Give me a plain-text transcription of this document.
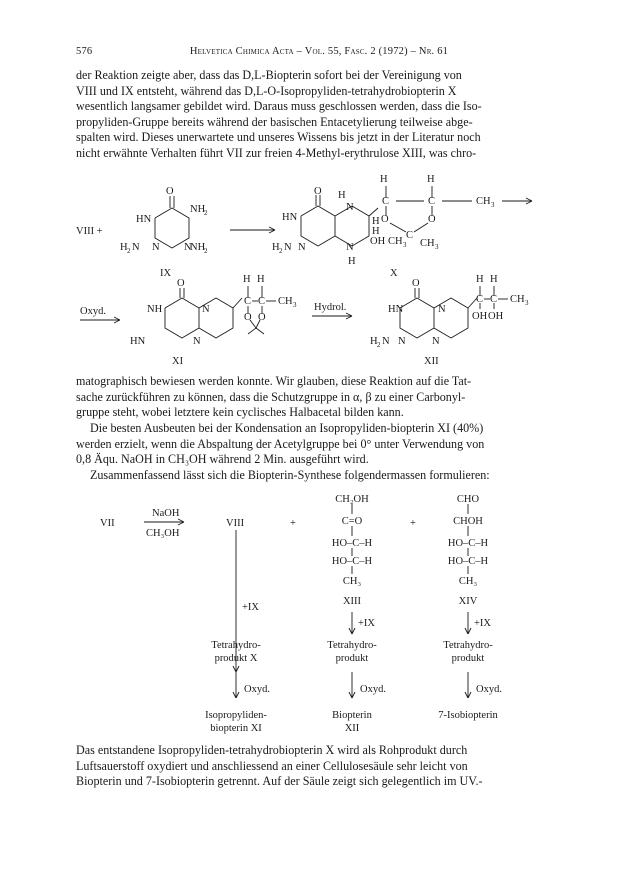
576	Helvetica Chimica Acta – Vol. 55, Fasc. 2 (1972) – Nr. 61

der Reaktion zeigte aber, dass das D,L-Biopterin sofort bei der Vereinigung von

VIII und IX entsteht, während das D,L-O-Isopropyliden-tetrahydrobiopterin X

wesentlich langsamer gebildet wird. Daraus muss geschlossen werden, dass die Iso-

propyliden-Gruppe bereits während der basischen Entacetylierung teilweise abge-

spalten wird. Dieses unerwartete und unseres Wissens bis jetzt in der Literatur noch

nicht erwähnte Verhalten führt VII zur freien 4-Methyl-erythrulose XIII, was chro-

VIII +
O
HN
NH
2
H 2 N N N
NH
2
IX
O H
N
HN
H 2 N N	N
H
H
H
OH CH 3
H	H
C	C	CH 3
O	O
C
CH 3
X
Oxyd.
O
NH
HN	N
N
H H
C C CH 3
O O
XI
Hydrol.
O
HN
H 2 N N	N
N
H H
C C CH 3
OH OH
XII

matographisch bewiesen werden konnte. Wir glauben, diese Reaktion auf die Tat-

sache zurückführen zu können, dass die Schutzgruppe in α, β zu einer Carbonyl-

gruppe steht, wobei letztere kein cyclisches Halbacetal bilden kann.

Die besten Ausbeuten bei der Kondensation an Isopropyliden-biopterin XI (40%)

werden erzielt, wenn die Abspaltung der Acetylgruppe bei 0° unter Verwendung von

0,8 Äqu. NaOH in CH₃OH während 2 Min. ausgeführt wird.

Zusammenfassend lässt sich die Biopterin-Synthese folgendermassen formulieren:

VII
NaOH
CH₃OH
VIII	+	+
CH₂OH
C=O
HO–C–H
HO–C–H
CH₃
XIII
CHO
CHOH
HO–C–H
HO–C–H
CH₃
XIV
+IX
+IX	+IX
Tetrahydro-
produkt X
Tetrahydro-
produkt
Tetrahydro-
produkt
Oxyd.	Oxyd.	Oxyd.
Isopropyliden-
biopterin XI
Biopterin
XII
7-Isobiopterin

Das entstandene Isopropyliden-tetrahydrobiopterin X wird als Rohprodukt durch

Luftsauerstoff oxydiert und anschliessend an einer Cellulosesäule sehr leicht von

Biopterin und 7-Isobiopterin getrennt. Auf der Säule zeigt sich gelegentlich im UV.-
